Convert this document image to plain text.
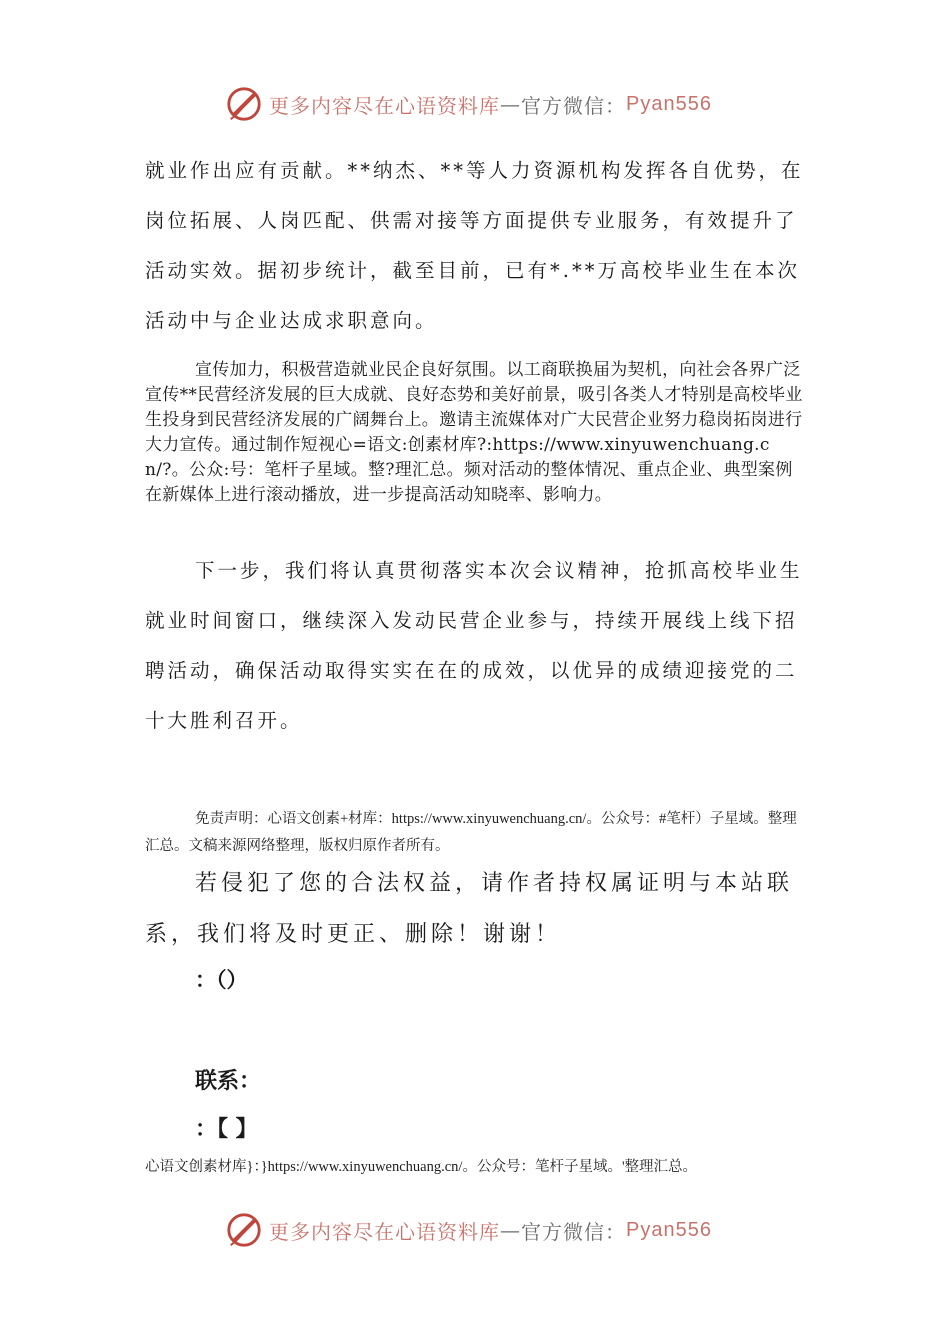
更多内容尽在心语资料库 — 官方微信： Pyan556

就业作出应有贡献。**纳杰、**等人力资源机构发挥各自优势，在岗位拓展、人岗匹配、供需对接等方面提供专业服务，有效提升了活动实效。据初步统计，截至目前，已有*.**万高校毕业生在本次活动中与企业达成求职意向。

宣传加力，积极营造就业民企良好氛围。以工商联换届为契机，向社会各界广泛宣传**民营经济发展的巨大成就、良好态势和美好前景，吸引各类人才特别是高校毕业生投身到民营经济发展的广阔舞台上。邀请主流媒体对广大民营企业努力稳岗拓岗进行大力宣传。通过制作短视心=语文:创素材库?:https://www.xinyuwenchuang.cn/?。公众:号：笔杆子星域。整?理汇总。频对活动的整体情况、重点企业、典型案例在新媒体上进行滚动播放，进一步提高活动知晓率、影响力。

下一步，我们将认真贯彻落实本次会议精神，抢抓高校毕业生就业时间窗口，继续深入发动民营企业参与，持续开展线上线下招聘活动，确保活动取得实实在在的成效，以优异的成绩迎接党的二十大胜利召开。

免责声明：心语文创素+材库：https://www.xinyuwenchuang.cn/。公众号：#笔杆）子星域。整理汇总。文稿来源网络整理，版权归原作者所有。

若侵犯了您的合法权益，请作者持权属证明与本站联系，我们将及时更正、删除！谢谢！

：（）
联系：
：【 】

心语文创素材库}：}https://www.xinyuwenchuang.cn/。公众号：笔杆子星域。'整理汇总。

更多内容尽在心语资料库 — 官方微信： Pyan556
